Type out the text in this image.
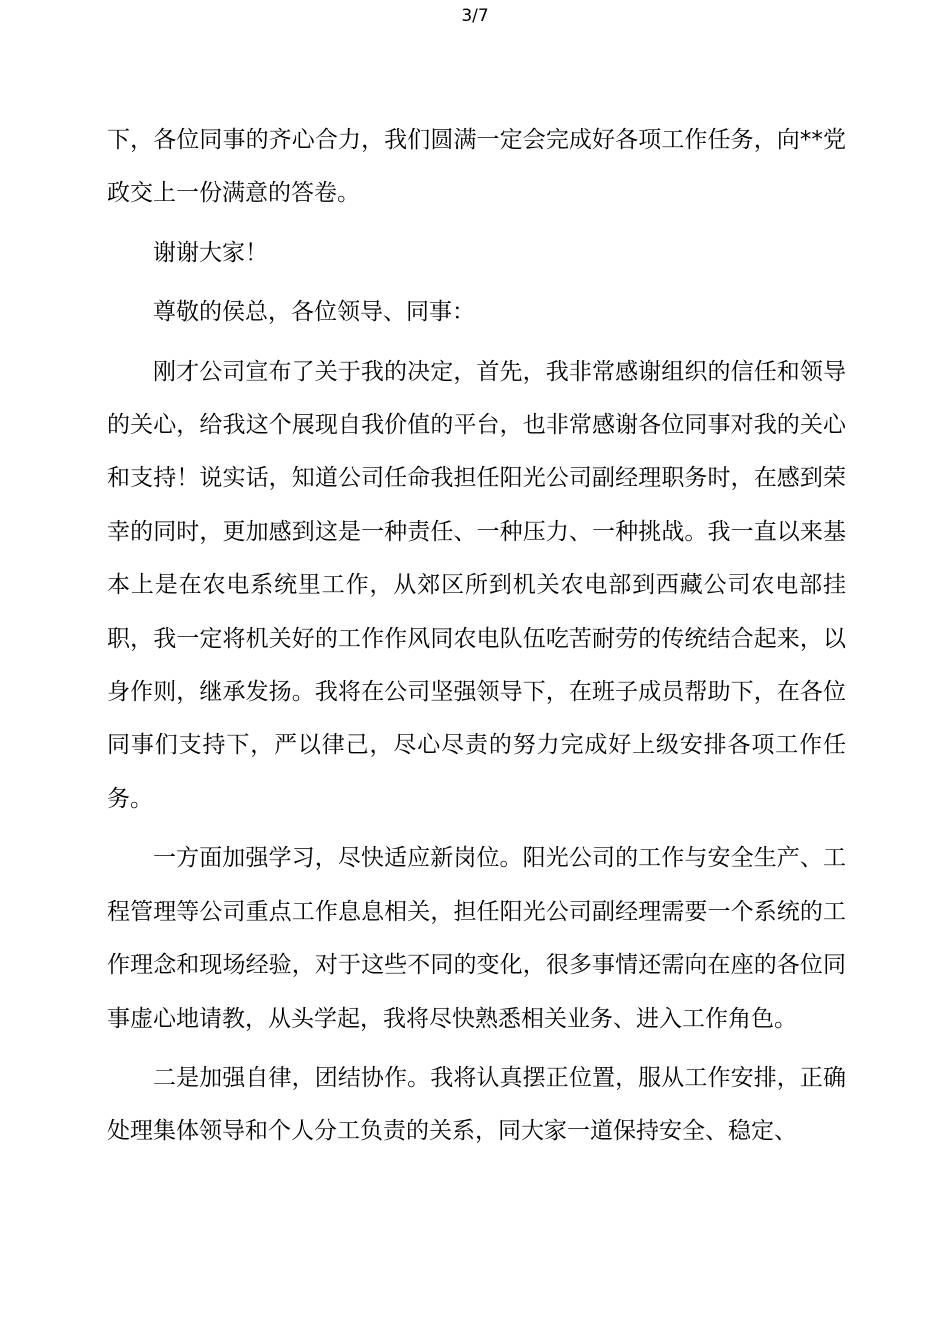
3/7

下，各位同事的齐心合力，我们圆满一定会完成好各项工作任务，向**党政交上一份满意的答卷。

谢谢大家！

尊敬的侯总，各位领导、同事：

刚才公司宣布了关于我的决定，首先，我非常感谢组织的信任和领导的关心，给我这个展现自我价值的平台，也非常感谢各位同事对我的关心和支持！说实话，知道公司任命我担任阳光公司副经理职务时，在感到荣幸的同时，更加感到这是一种责任、一种压力、一种挑战。我一直以来基本上是在农电系统里工作，从郊区所到机关农电部到西藏公司农电部挂职，我一定将机关好的工作作风同农电队伍吃苦耐劳的传统结合起来，以身作则，继承发扬。我将在公司坚强领导下，在班子成员帮助下，在各位同事们支持下，严以律己，尽心尽责的努力完成好上级安排各项工作任务。

一方面加强学习，尽快适应新岗位。阳光公司的工作与安全生产、工程管理等公司重点工作息息相关，担任阳光公司副经理需要一个系统的工作理念和现场经验，对于这些不同的变化，很多事情还需向在座的各位同事虚心地请教，从头学起，我将尽快熟悉相关业务、进入工作角色。

二是加强自律，团结协作。我将认真摆正位置，服从工作安排，正确处理集体领导和个人分工负责的关系，同大家一道保持安全、稳定、
